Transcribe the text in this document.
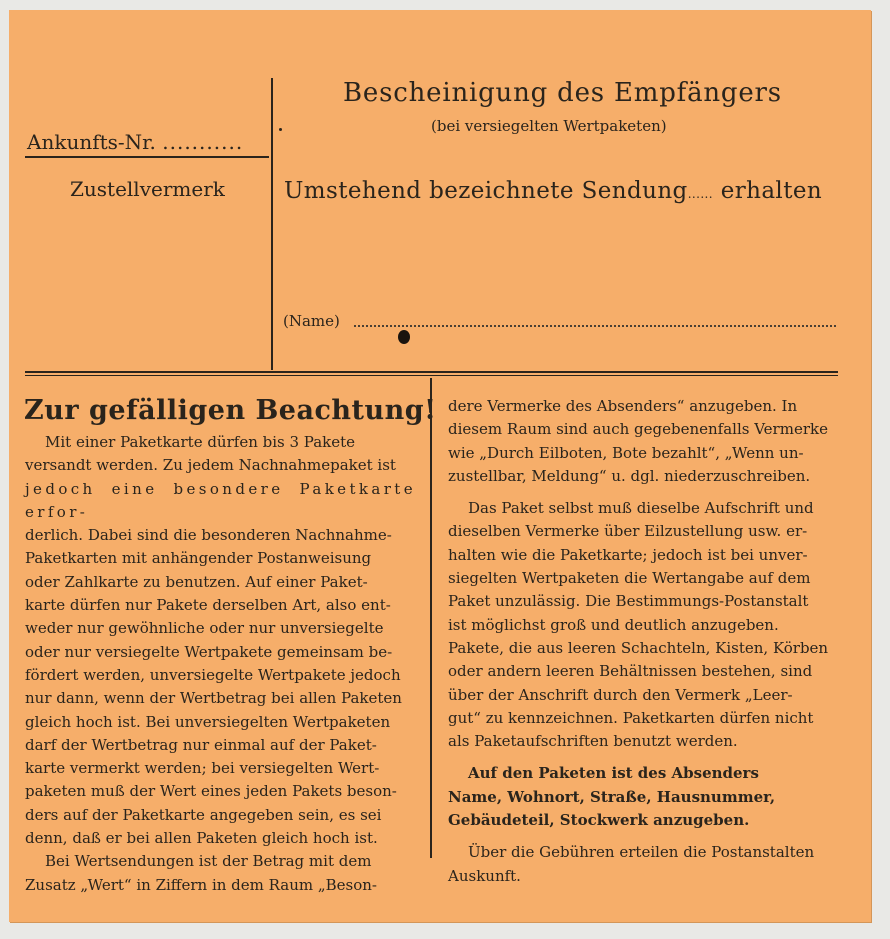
Ankunfts-Nr. ...........
Zustellvermerk
Bescheinigung des Empfängers
(bei versiegelten Wertpaketen)
Umstehend bezeichnete Sendung...... erhalten
(Name)
Zur gefälligen Beachtung!

Mit einer Paketkarte dürfen bis 3 Pakete

versandt werden. Zu jedem Nachnahmepaket ist

jedoch eine besondere Paketkarte erfor-

derlich. Dabei sind die besonderen Nachnahme-

Paketkarten mit anhängender Postanweisung

oder Zahlkarte zu benutzen. Auf einer Paket-

karte dürfen nur Pakete derselben Art, also ent-

weder nur gewöhnliche oder nur unversiegelte

oder nur versiegelte Wertpakete gemeinsam be-

fördert werden, unversiegelte Wertpakete jedoch

nur dann, wenn der Wertbetrag bei allen Paketen

gleich hoch ist. Bei unversiegelten Wertpaketen

darf der Wertbetrag nur einmal auf der Paket-

karte vermerkt werden; bei versiegelten Wert-

paketen muß der Wert eines jeden Pakets beson-

ders auf der Paketkarte angegeben sein, es sei

denn, daß er bei allen Paketen gleich hoch ist.

Bei Wertsendungen ist der Betrag mit dem

Zusatz „Wert“ in Ziffern in dem Raum „Beson-

dere Vermerke des Absenders“ anzugeben. In

diesem Raum sind auch gegebenenfalls Vermerke

wie „Durch Eilboten, Bote bezahlt“, „Wenn un-

zustellbar, Meldung“ u. dgl. niederzuschreiben.

Das Paket selbst muß dieselbe Aufschrift und

dieselben Vermerke über Eilzustellung usw. er-

halten wie die Paketkarte; jedoch ist bei unver-

siegelten Wertpaketen die Wertangabe auf dem

Paket unzulässig. Die Bestimmungs-Postanstalt

ist möglichst groß und deutlich anzugeben.

Pakete, die aus leeren Schachteln, Kisten, Körben

oder andern leeren Behältnissen bestehen, sind

über der Anschrift durch den Vermerk „Leer-

gut“ zu kennzeichnen. Paketkarten dürfen nicht

als Paketaufschriften benutzt werden.

Auf den Paketen ist des Absenders

Name, Wohnort, Straße, Hausnummer,

Gebäudeteil, Stockwerk anzugeben.

Über die Gebühren erteilen die Postanstalten

Auskunft.
